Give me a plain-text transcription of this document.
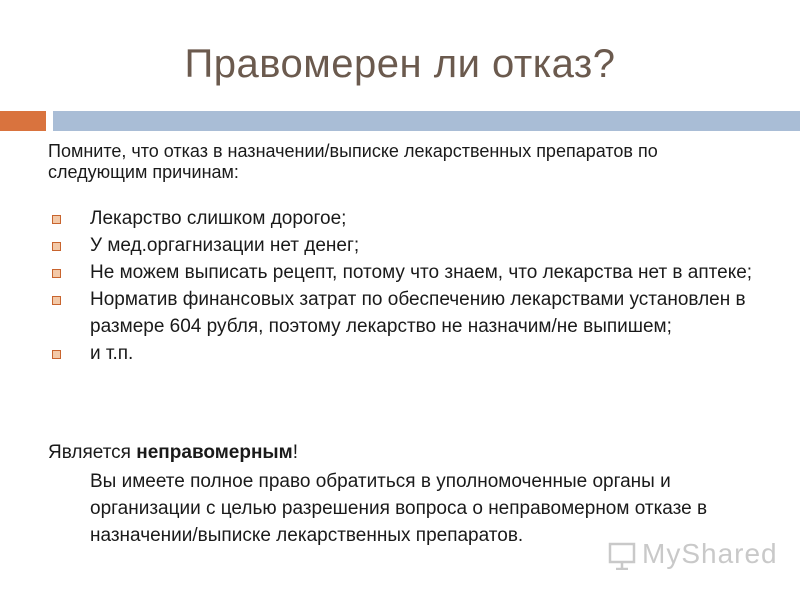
Правомерен ли отказ?
Помните, что отказ в назначении/выписке лекарственных препаратов по следующим причинам:
Лекарство слишком дорогое;
У мед.оргагнизации нет денег;
Не можем выписать рецепт, потому что знаем, что лекарства нет в аптеке;
Норматив финансовых затрат по обеспечению лекарствами установлен в размере 604 рубля, поэтому лекарство не назначим/не выпишем;
и т.п.
Является неправомерным!
Вы имеете полное право обратиться в уполномоченные органы и организации с целью разрешения вопроса о неправомерном отказе в назначении/выписке лекарственных препаратов.
MyShared
